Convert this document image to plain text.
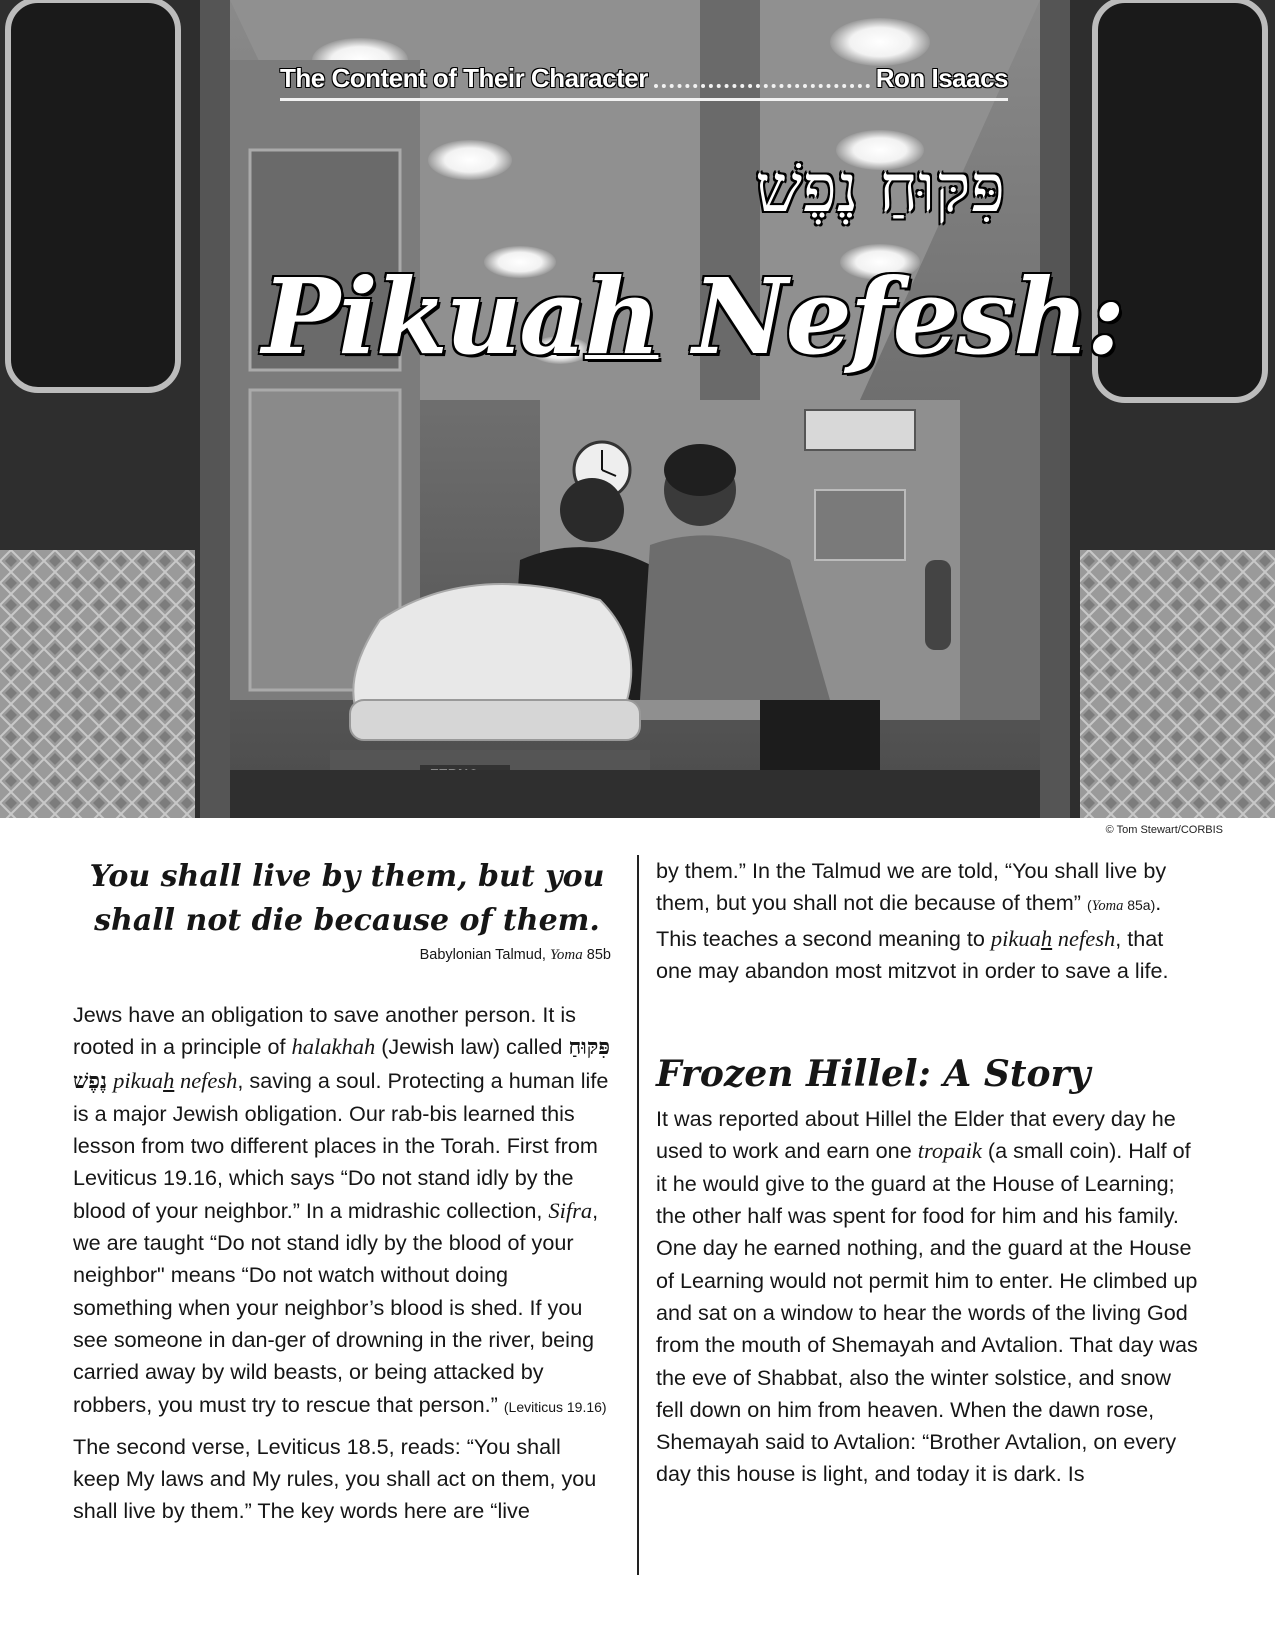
The Content of Their Character	Ron Isaacs
פִּקּוּחַ נֶפֶשׁ
Pikuah Nefesh:
© Tom Stewart/CORBIS

You shall live by them, but you shall not die because of them.

Babylonian Talmud, Yoma 85b

Jews have an obligation to save another person. It is rooted in a principle of halakhah (Jewish law) called פִּקּוּחַ נֶפֶשׁ pikuah nefesh, saving a soul. Protecting a human life is a major Jewish obligation. Our rab-bis learned this lesson from two different places in the Torah. First from Leviticus 19.16, which says “Do not stand idly by the blood of your neighbor.” In a midrashic collection, Sifra, we are taught “Do not stand idly by the blood of your neighbor" means “Do not watch without doing something when your neighbor’s blood is shed. If you see someone in dan-ger of drowning in the river, being carried away by wild beasts, or being attacked by robbers, you must try to rescue that person.” (Leviticus 19.16)

The second verse, Leviticus 18.5, reads: “You shall keep My laws and My rules, you shall act on them, you shall live by them.” The key words here are “live

by them.” In the Talmud we are told, “You shall live by them, but you shall not die because of them” (Yoma 85a). This teaches a second meaning to pikuah nefesh, that one may abandon most mitzvot in order to save a life.

Frozen Hillel: A Story

It was reported about Hillel the Elder that every day he used to work and earn one tropaik (a small coin). Half of it he would give to the guard at the House of Learning; the other half was spent for food for him and his family. One day he earned nothing, and the guard at the House of Learning would not permit him to enter. He climbed up and sat on a window to hear the words of the living God from the mouth of Shemayah and Avtalion. That day was the eve of Shabbat, also the winter solstice, and snow fell down on him from heaven. When the dawn rose, Shemayah said to Avtalion: “Brother Avtalion, on every day this house is light, and today it is dark. Is
